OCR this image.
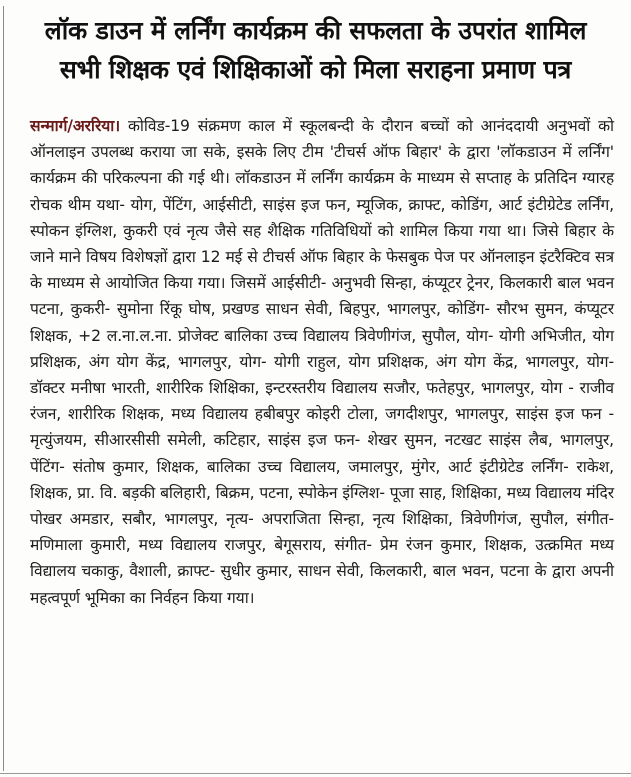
लॉक डाउन में लर्निंग कार्यक्रम की सफलता के उपरांत शामिल
सभी शिक्षक एवं शिक्षिकाओं को मिला सराहना प्रमाण पत्र
सन्मार्ग/अररिया। कोविड-19 संक्रमण काल में स्कूलबन्दी के दौरान बच्चों को आनंददायी अनुभवों को ऑनलाइन उपलब्ध कराया जा सके, इसके लिए टीम 'टीचर्स ऑफ बिहार' के द्वारा 'लॉकडाउन में लर्निंग' कार्यक्रम की परिकल्पना की गई थी। लॉकडाउन में लर्निंग कार्यक्रम के माध्यम से सप्ताह के प्रतिदिन ग्यारह रोचक थीम यथा- योग, पेंटिंग, आईसीटी, साइंस इज फन, म्यूजिक, क्राफ्ट, कोडिंग, आर्ट इंटीग्रेटेड लर्निंग, स्पोकन इंग्लिश, कुकरी एवं नृत्य जैसे सह शैक्षिक गतिविधियों को शामिल किया गया था। जिसे बिहार के जाने माने विषय विशेषज्ञों द्वारा 12 मई से टीचर्स ऑफ बिहार के फेसबुक पेज पर ऑनलाइन इंटरैक्टिव सत्र के माध्यम से आयोजित किया गया। जिसमें आईसीटी- अनुभवी सिन्हा, कंप्यूटर ट्रेनर, किलकारी बाल भवन पटना, कुकरी- सुमोना रिंकू घोष, प्रखण्ड साधन सेवी, बिहपुर, भागलपुर, कोडिंग- सौरभ सुमन, कंप्यूटर शिक्षक, +2 ल.ना.ल.ना. प्रोजेक्ट बालिका उच्च विद्यालय त्रिवेणीगंज, सुपौल, योग- योगी अभिजीत, योग प्रशिक्षक, अंग योग केंद्र, भागलपुर, योग- योगी राहुल, योग प्रशिक्षक, अंग योग केंद्र, भागलपुर, योग- डॉक्टर मनीषा भारती, शारीरिक शिक्षिका, इन्टरस्तरीय विद्यालय सजौर, फतेहपुर, भागलपुर, योग - राजीव रंजन, शारीरिक शिक्षक, मध्य विद्यालय हबीबपुर कोइरी टोला, जगदीशपुर, भागलपुर, साइंस इज फन - मृत्युंजयम, सीआरसीसी समेली, कटिहार, साइंस इज फन- शेखर सुमन, नटखट साइंस लैब, भागलपुर, पेंटिंग- संतोष कुमार, शिक्षक, बालिका उच्च विद्यालय, जमालपुर, मुंगेर, आर्ट इंटीग्रेटेड लर्निंग- राकेश, शिक्षक, प्रा. वि. बड़की बलिहारी, बिक्रम, पटना, स्पोकेन इंग्लिश- पूजा साह, शिक्षिका, मध्य विद्यालय मंदिर पोखर अमडार, सबौर, भागलपुर, नृत्य- अपराजिता सिन्हा, नृत्य शिक्षिका, त्रिवेणीगंज, सुपौल, संगीत- मणिमाला कुमारी, मध्य विद्यालय राजपुर, बेगूसराय, संगीत- प्रेम रंजन कुमार, शिक्षक, उत्क्रमित मध्य विद्यालय चकाकु, वैशाली, क्राफ्ट- सुधीर कुमार, साधन सेवी, किलकारी, बाल भवन, पटना के द्वारा अपनी महत्वपूर्ण भूमिका का निर्वहन किया गया।
